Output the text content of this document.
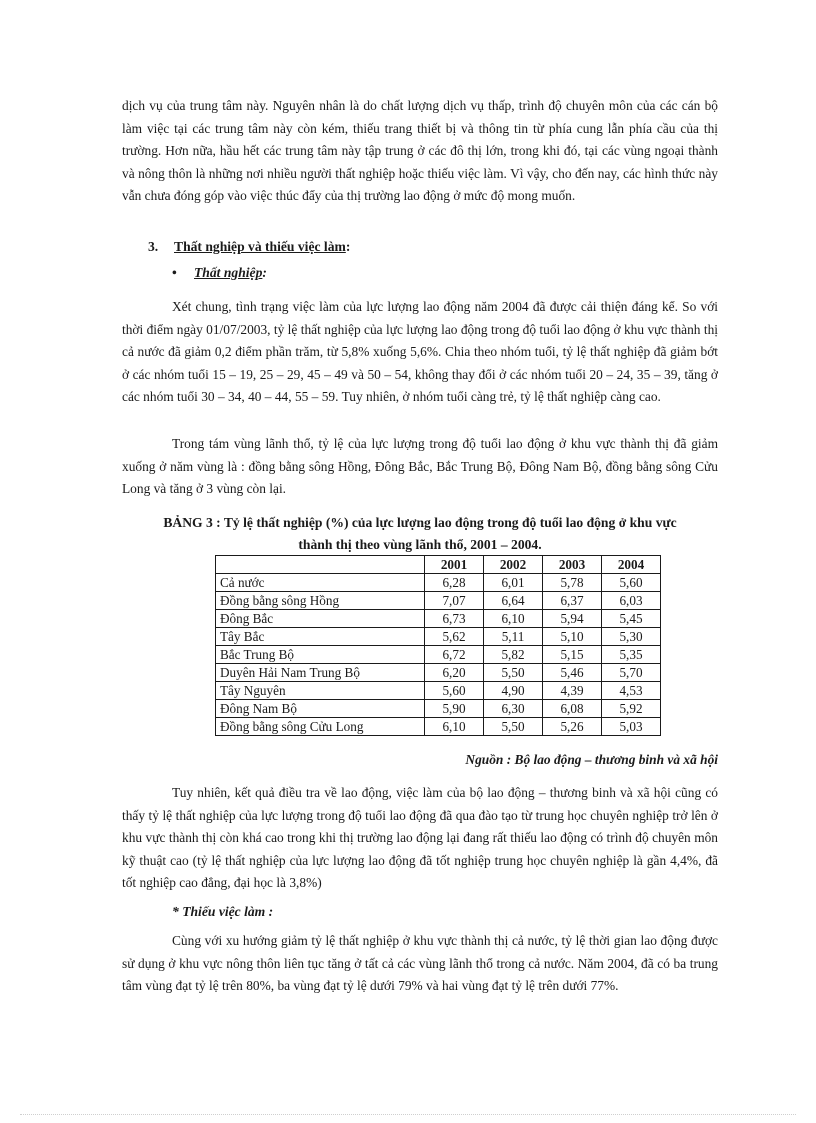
dịch vụ của trung tâm này. Nguyên nhân là do chất lượng dịch vụ thấp, trình độ chuyên môn của các cán bộ làm việc tại các trung tâm này còn kém, thiếu trang thiết bị và thông tin từ phía cung lẫn phía cầu của thị trường. Hơn nữa, hầu hết các trung tâm này tập trung ở các đô thị lớn, trong khi đó, tại các vùng ngoại thành và nông thôn là những nơi nhiều người thất nghiệp hoặc thiếu việc làm. Vì vậy, cho đến nay, các hình thức này vẫn chưa đóng góp vào việc thúc đẩy của thị trường lao động ở mức độ mong muốn.

3. Thất nghiệp và thiếu việc làm:
• Thất nghiệp:

Xét chung, tình trạng việc làm của lực lượng lao động năm 2004 đã được cải thiện đáng kể. So với thời điểm ngày 01/07/2003, tỷ lệ thất nghiệp của lực lượng lao động trong độ tuổi lao động ở khu vực thành thị cả nước đã giảm 0,2 điểm phần trăm, từ 5,8% xuống 5,6%. Chia theo nhóm tuổi, tỷ lệ thất nghiệp đã giảm bớt ở các nhóm tuổi 15 – 19, 25 – 29, 45 – 49 và 50 – 54, không thay đổi ở các nhóm tuổi 20 – 24, 35 – 39, tăng ở các nhóm tuổi 30 – 34, 40 – 44, 55 – 59. Tuy nhiên, ở nhóm tuổi càng trẻ, tỷ lệ thất nghiệp càng cao.

Trong tám vùng lãnh thổ, tỷ lệ của lực lượng trong độ tuổi lao động ở khu vực thành thị đã giảm xuống ở năm vùng là : đồng bằng sông Hồng, Đông Bắc, Bắc Trung Bộ, Đông Nam Bộ, đồng bằng sông Cửu Long và tăng ở 3 vùng còn lại.

BẢNG 3 : Tỷ lệ thất nghiệp (%) của lực lượng lao động trong độ tuổi lao động ở khu vực
thành thị theo vùng lãnh thổ, 2001 – 2004.
	2001	2002	2003	2004
Cả nước	6,28	6,01	5,78	5,60
Đồng bằng sông Hồng	7,07	6,64	6,37	6,03
Đông Bắc	6,73	6,10	5,94	5,45
Tây Bắc	5,62	5,11	5,10	5,30
Bắc Trung Bộ	6,72	5,82	5,15	5,35
Duyên Hải Nam Trung Bộ	6,20	5,50	5,46	5,70
Tây Nguyên	5,60	4,90	4,39	4,53
Đông Nam Bộ	5,90	6,30	6,08	5,92
Đồng bằng sông Cửu Long	6,10	5,50	5,26	5,03
Nguồn : Bộ lao động – thương binh và xã hội

Tuy nhiên, kết quả điều tra về lao động, việc làm của bộ lao động – thương binh và xã hội cũng có thấy tỷ lệ thất nghiệp của lực lượng trong độ tuổi lao động đã qua đào tạo từ trung học chuyên nghiệp trở lên ở khu vực thành thị còn khá cao trong khi thị trường lao động lại đang rất thiếu lao động có trình độ chuyên môn kỹ thuật cao (tỷ lệ thất nghiệp của lực lượng lao động đã tốt nghiệp trung học chuyên nghiệp là gần 4,4%, đã tốt nghiệp cao đẳng, đại học là 3,8%)

* Thiếu việc làm :

Cùng với xu hướng giảm tỷ lệ thất nghiệp ở khu vực thành thị cả nước, tỷ lệ thời gian lao động được sử dụng ở khu vực nông thôn liên tục tăng ở tất cả các vùng lãnh thổ trong cả nước. Năm 2004, đã có ba trung tâm vùng đạt tỷ lệ trên 80%, ba vùng đạt tỷ lệ dưới 79% và hai vùng đạt tỷ lệ trên dưới 77%.
